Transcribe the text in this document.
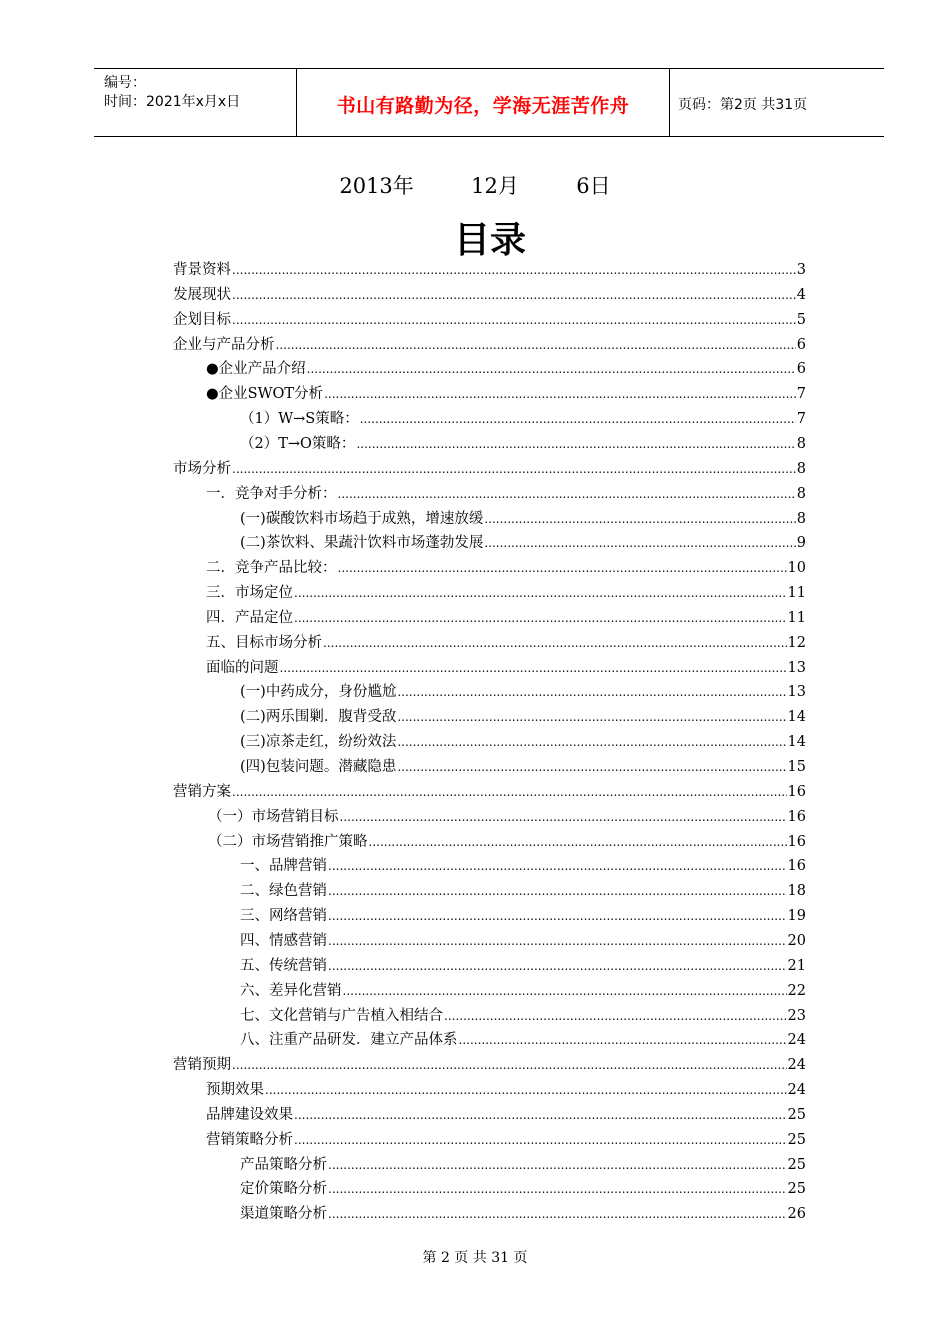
编号：
时间：2021年x月x日	书山有路勤为径，学海无涯苦作舟	页码：第2页 共31页
2013年	12月	6日
目录
背景资料 .....	3
发展现状 .....	4
企划目标 .....	5
企业与产品分析 .....	6
●企业产品介绍 .....	6
●企业SWOT分析 .....	7
（1）W→S策略： .....	7
（2）T→O策略： .....	8
市场分析 .....	8
一．竞争对手分析： .....	8
(一)碳酸饮料市场趋于成熟，增速放缓 .....	8
(二)茶饮料、果蔬汁饮料市场蓬勃发展 .....	9
二．竞争产品比较： .....	10
三．市场定位 .....	11
四．产品定位 .....	11
五、目标市场分析 .....	12
面临的问题 .....	13
(一)中药成分，身份尴尬 .....	13
(二)两乐围剿．腹背受敌 .....	14
(三)凉茶走红，纷纷效法 .....	14
(四)包装问题。潜藏隐患 .....	15
营销方案 .....	16
（一）市场营销目标 .....	16
（二）市场营销推广策略 .....	16
一、品牌营销 .....	16
二、绿色营销 .....	18
三、网络营销 .....	19
四、情感营销 .....	20
五、传统营销 .....	21
六、差异化营销 .....	22
七、文化营销与广告植入相结合 .....	23
八、注重产品研发．建立产品体系 .....	24
营销预期 .....	24
预期效果 .....	24
品牌建设效果 .....	25
营销策略分析 .....	25
产品策略分析 .....	25
定价策略分析 .....	25
渠道策略分析 .....	26
第 2 页 共 31 页
